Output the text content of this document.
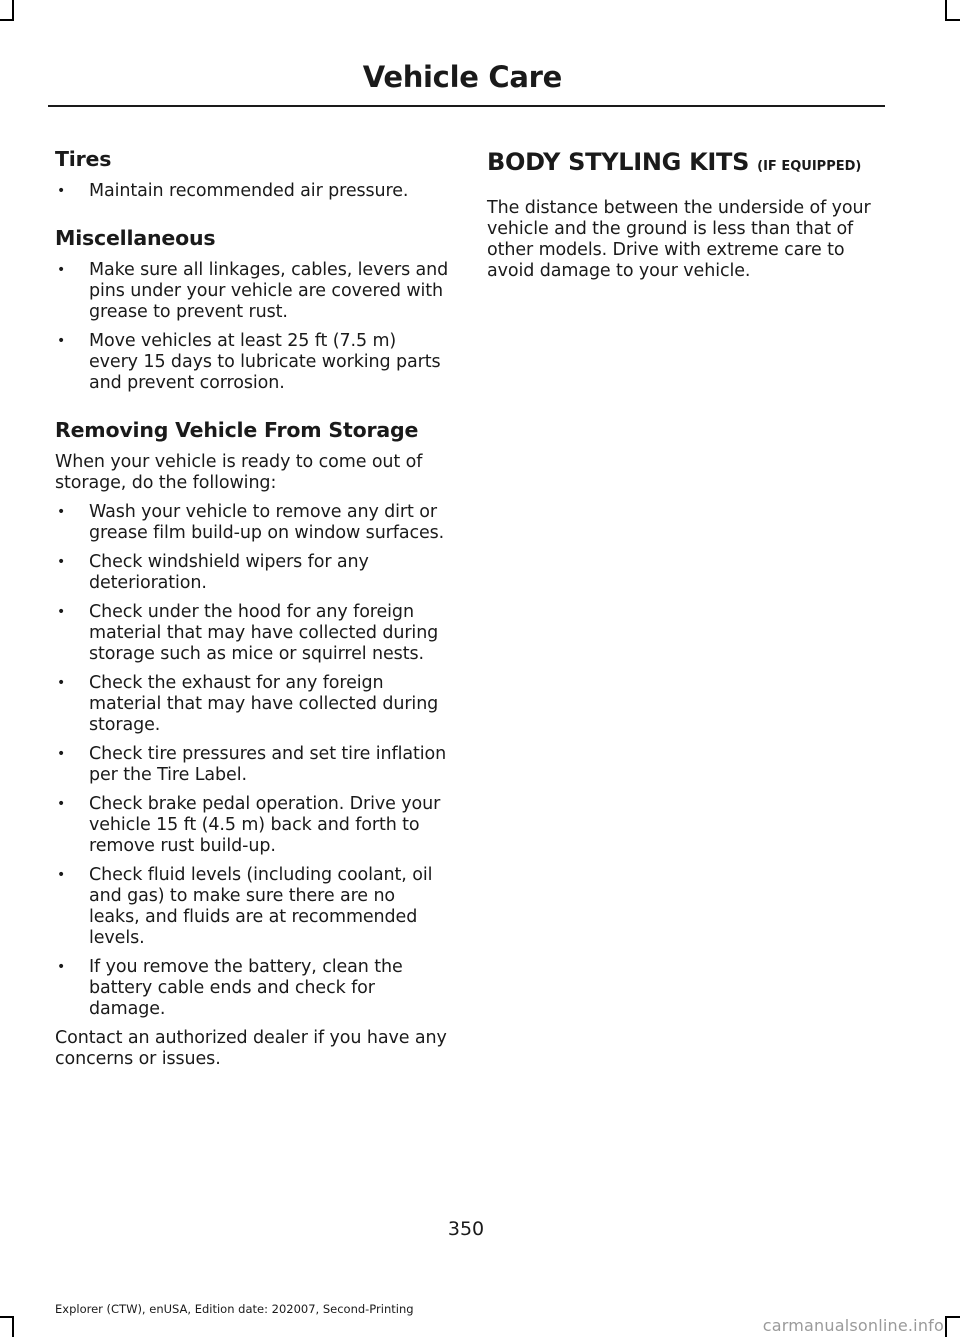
Vehicle Care
Tires
• Maintain recommended air pressure.
Miscellaneous
• Make sure all linkages, cables, levers and pins under your vehicle are covered with grease to prevent rust.
• Move vehicles at least 25 ft (7.5 m) every 15 days to lubricate working parts and prevent corrosion.
Removing Vehicle From Storage

When your vehicle is ready to come out of storage, do the following:

• Wash your vehicle to remove any dirt or grease film build-up on window surfaces.
• Check windshield wipers for any deterioration.
• Check under the hood for any foreign material that may have collected during storage such as mice or squirrel nests.
• Check the exhaust for any foreign material that may have collected during storage.
• Check tire pressures and set tire inflation per the Tire Label.
• Check brake pedal operation. Drive your vehicle 15 ft (4.5 m) back and forth to remove rust build-up.
• Check fluid levels (including coolant, oil and gas) to make sure there are no leaks, and fluids are at recommended levels.
• If you remove the battery, clean the battery cable ends and check for damage.

Contact an authorized dealer if you have any concerns or issues.

BODY STYLING KITS (IF EQUIPPED)

The distance between the underside of your vehicle and the ground is less than that of other models. Drive with extreme care to avoid damage to your vehicle.

350
Explorer (CTW), enUSA, Edition date: 202007, Second-Printing
carmanualsonline.info
